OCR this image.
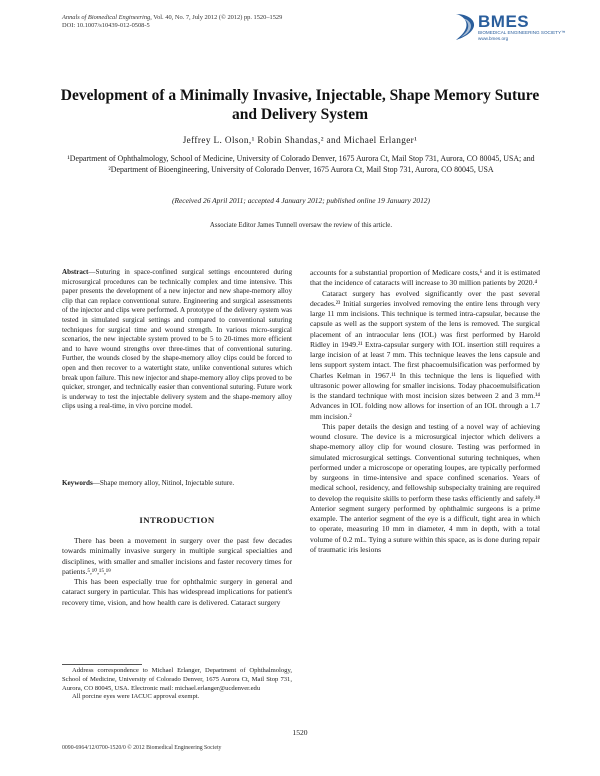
Annals of Biomedical Engineering, Vol. 40, No. 7, July 2012 (© 2012) pp. 1520–1529
DOI: 10.1007/s10439-012-0508-5	BMES
BIOMEDICAL ENGINEERING SOCIETY™
www.bmes.org
Development of a Minimally Invasive, Injectable, Shape Memory Suture and Delivery System
Jeffrey L. Olson,¹ Robin Shandas,² and Michael Erlanger¹
¹Department of Ophthalmology, School of Medicine, University of Colorado Denver, 1675 Aurora Ct, Mail Stop 731, Aurora, CO 80045, USA; and ²Department of Bioengineering, University of Colorado Denver, 1675 Aurora Ct, Mail Stop 731, Aurora, CO 80045, USA
(Received 26 April 2011; accepted 4 January 2012; published online 19 January 2012)
Associate Editor James Tunnell oversaw the review of this article.
Abstract—Suturing in space-confined surgical settings encountered during microsurgical procedures can be technically complex and time intensive. This paper presents the development of a new injector and new shape-memory alloy clip that can replace conventional suture. Engineering and surgical assessments of the injector and clips were performed. A prototype of the delivery system was tested in simulated surgical settings and compared to conventional suturing techniques for surgical time and wound strength. In various micro-surgical scenarios, the new injectable system proved to be 5 to 20-times more efficient and to have wound strengths over three-times that of conventional suturing. Further, the wounds closed by the shape-memory alloy clips could be forced to open and then recover to a watertight state, unlike conventional sutures which break upon failure. This new injector and shape-memory alloy clips proved to be quicker, stronger, and technically easier than conventional suturing. Future work is underway to test the injectable delivery system and the shape-memory alloy clips using a real-time, in vivo porcine model.
Keywords—Shape memory alloy, Nitinol, Injectable suture.
INTRODUCTION

There has been a movement in surgery over the past few decades towards minimally invasive surgery in multiple surgical specialties and disciplines, with smaller and smaller incisions and faster recovery times for patients.⁵,¹⁰,¹⁵,¹⁹

This has been especially true for ophthalmic surgery in general and cataract surgery in particular. This has widespread implications for patient's recovery time, vision, and how health care is delivered. Cataract surgery

accounts for a substantial proportion of Medicare costs,⁶ and it is estimated that the incidence of cataracts will increase to 30 million patients by 2020.⁴

Cataract surgery has evolved significantly over the past several decades.²³ Initial surgeries involved removing the entire lens through very large 11 mm incisions. This technique is termed intra-capsular, because the capsule as well as the support system of the lens is removed. The surgical placement of an intraocular lens (IOL) was first performed by Harold Ridley in 1949.²¹ Extra-capsular surgery with IOL insertion still requires a large incision of at least 7 mm. This technique leaves the lens capsule and lens support system intact. The first phacoemulsification was performed by Charles Kelman in 1967.¹¹ In this technique the lens is liquefied with ultrasonic power allowing for smaller incisions. Today phacoemulsification is the standard technique with most incision sizes between 2 and 3 mm.¹⁴ Advances in IOL folding now allows for insertion of an IOL through a 1.7 mm incision.²

This paper details the design and testing of a novel way of achieving wound closure. The device is a microsurgical injector which delivers a shape-memory alloy clip for wound closure. Testing was performed in simulated microsurgical settings. Conventional suturing techniques, when performed under a microscope or operating loupes, are typically performed by surgeons in time-intensive and space confined scenarios. Years of medical school, residency, and fellowship subspecialty training are required to develop the requisite skills to perform these tasks efficiently and safely.¹⁸ Anterior segment surgery performed by ophthalmic surgeons is a prime example. The anterior segment of the eye is a difficult, tight area in which to operate, measuring 10 mm in diameter, 4 mm in depth, with a total volume of 0.2 mL. Tying a suture within this space, as is done during repair of traumatic iris lesions

Address correspondence to Michael Erlanger, Department of Ophthalmology, School of Medicine, University of Colorado Denver, 1675 Aurora Ct, Mail Stop 731, Aurora, CO 80045, USA. Electronic mail: michael.erlanger@ucdenver.edu

All porcine eyes were IACUC approval exempt.

1520
0090-6964/12/0700-1520/0 © 2012 Biomedical Engineering Society
